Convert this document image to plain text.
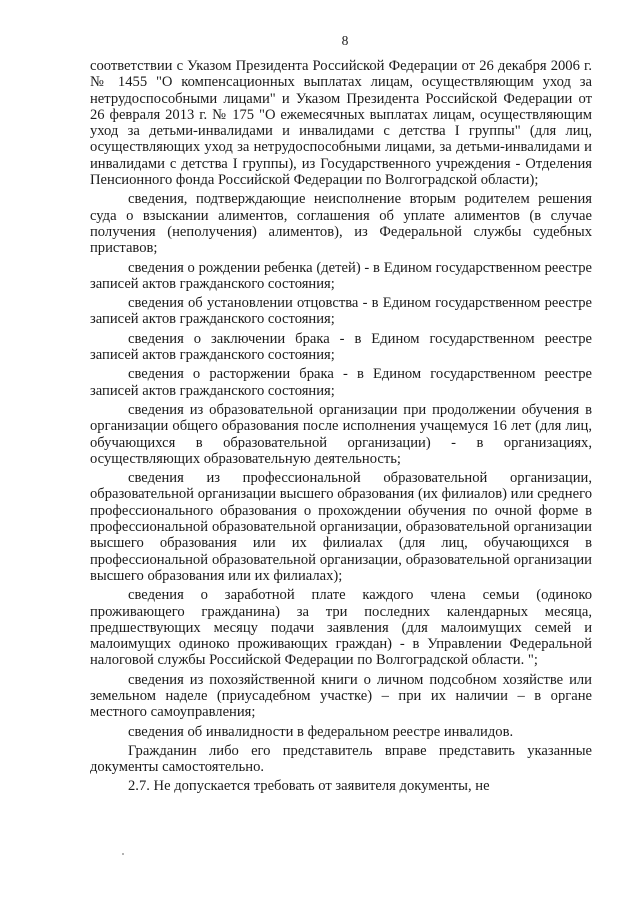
8

соответствии с Указом Президента Российской Федерации от 26 декабря 2006 г. № 1455 "О компенсационных выплатах лицам, осуществляющим уход за нетрудоспособными лицами" и Указом Президента Российской Федерации от 26 февраля 2013 г. № 175 "О ежемесячных выплатах лицам, осуществляющим уход за детьми-инвалидами и инвалидами с детства I группы" (для лиц, осуществляющих уход за нетрудоспособными лицами, за детьми-инвалидами и инвалидами с детства I группы), из Государственного учреждения - Отделения Пенсионного фонда Российской Федерации по Волгоградской области);

сведения, подтверждающие неисполнение вторым родителем решения суда о взыскании алиментов, соглашения об уплате алиментов (в случае получения (неполучения) алиментов), из Федеральной службы судебных приставов;

сведения о рождении ребенка (детей) - в Едином государственном реестре записей актов гражданского состояния;

сведения об установлении отцовства - в Едином государственном реестре записей актов гражданского состояния;

сведения о заключении брака - в Едином государственном реестре записей актов гражданского состояния;

сведения о расторжении брака - в Едином государственном реестре записей актов гражданского состояния;

сведения из образовательной организации при продолжении обучения в организации общего образования после исполнения учащемуся 16 лет (для лиц, обучающихся в образовательной организации) - в организациях, осуществляющих образовательную деятельность;

сведения из профессиональной образовательной организации, образовательной организации высшего образования (их филиалов) или среднего профессионального образования о прохождении обучения по очной форме в профессиональной образовательной организации, образовательной организации высшего образования или их филиалах (для лиц, обучающихся в профессиональной образовательной организации, образовательной организации высшего образования или их филиалах);

сведения о заработной плате каждого члена семьи (одиноко проживающего гражданина) за три последних календарных месяца, предшествующих месяцу подачи заявления (для малоимущих семей и малоимущих одиноко проживающих граждан) - в Управлении Федеральной налоговой службы Российской Федерации по Волгоградской области. ";

сведения из похозяйственной книги о личном подсобном хозяйстве или земельном наделе (приусадебном участке) – при их наличии – в органе местного самоуправления;

сведения об инвалидности в федеральном реестре инвалидов.

Гражданин либо его представитель вправе представить указанные документы самостоятельно.

2.7. Не допускается требовать от заявителя документы, не
